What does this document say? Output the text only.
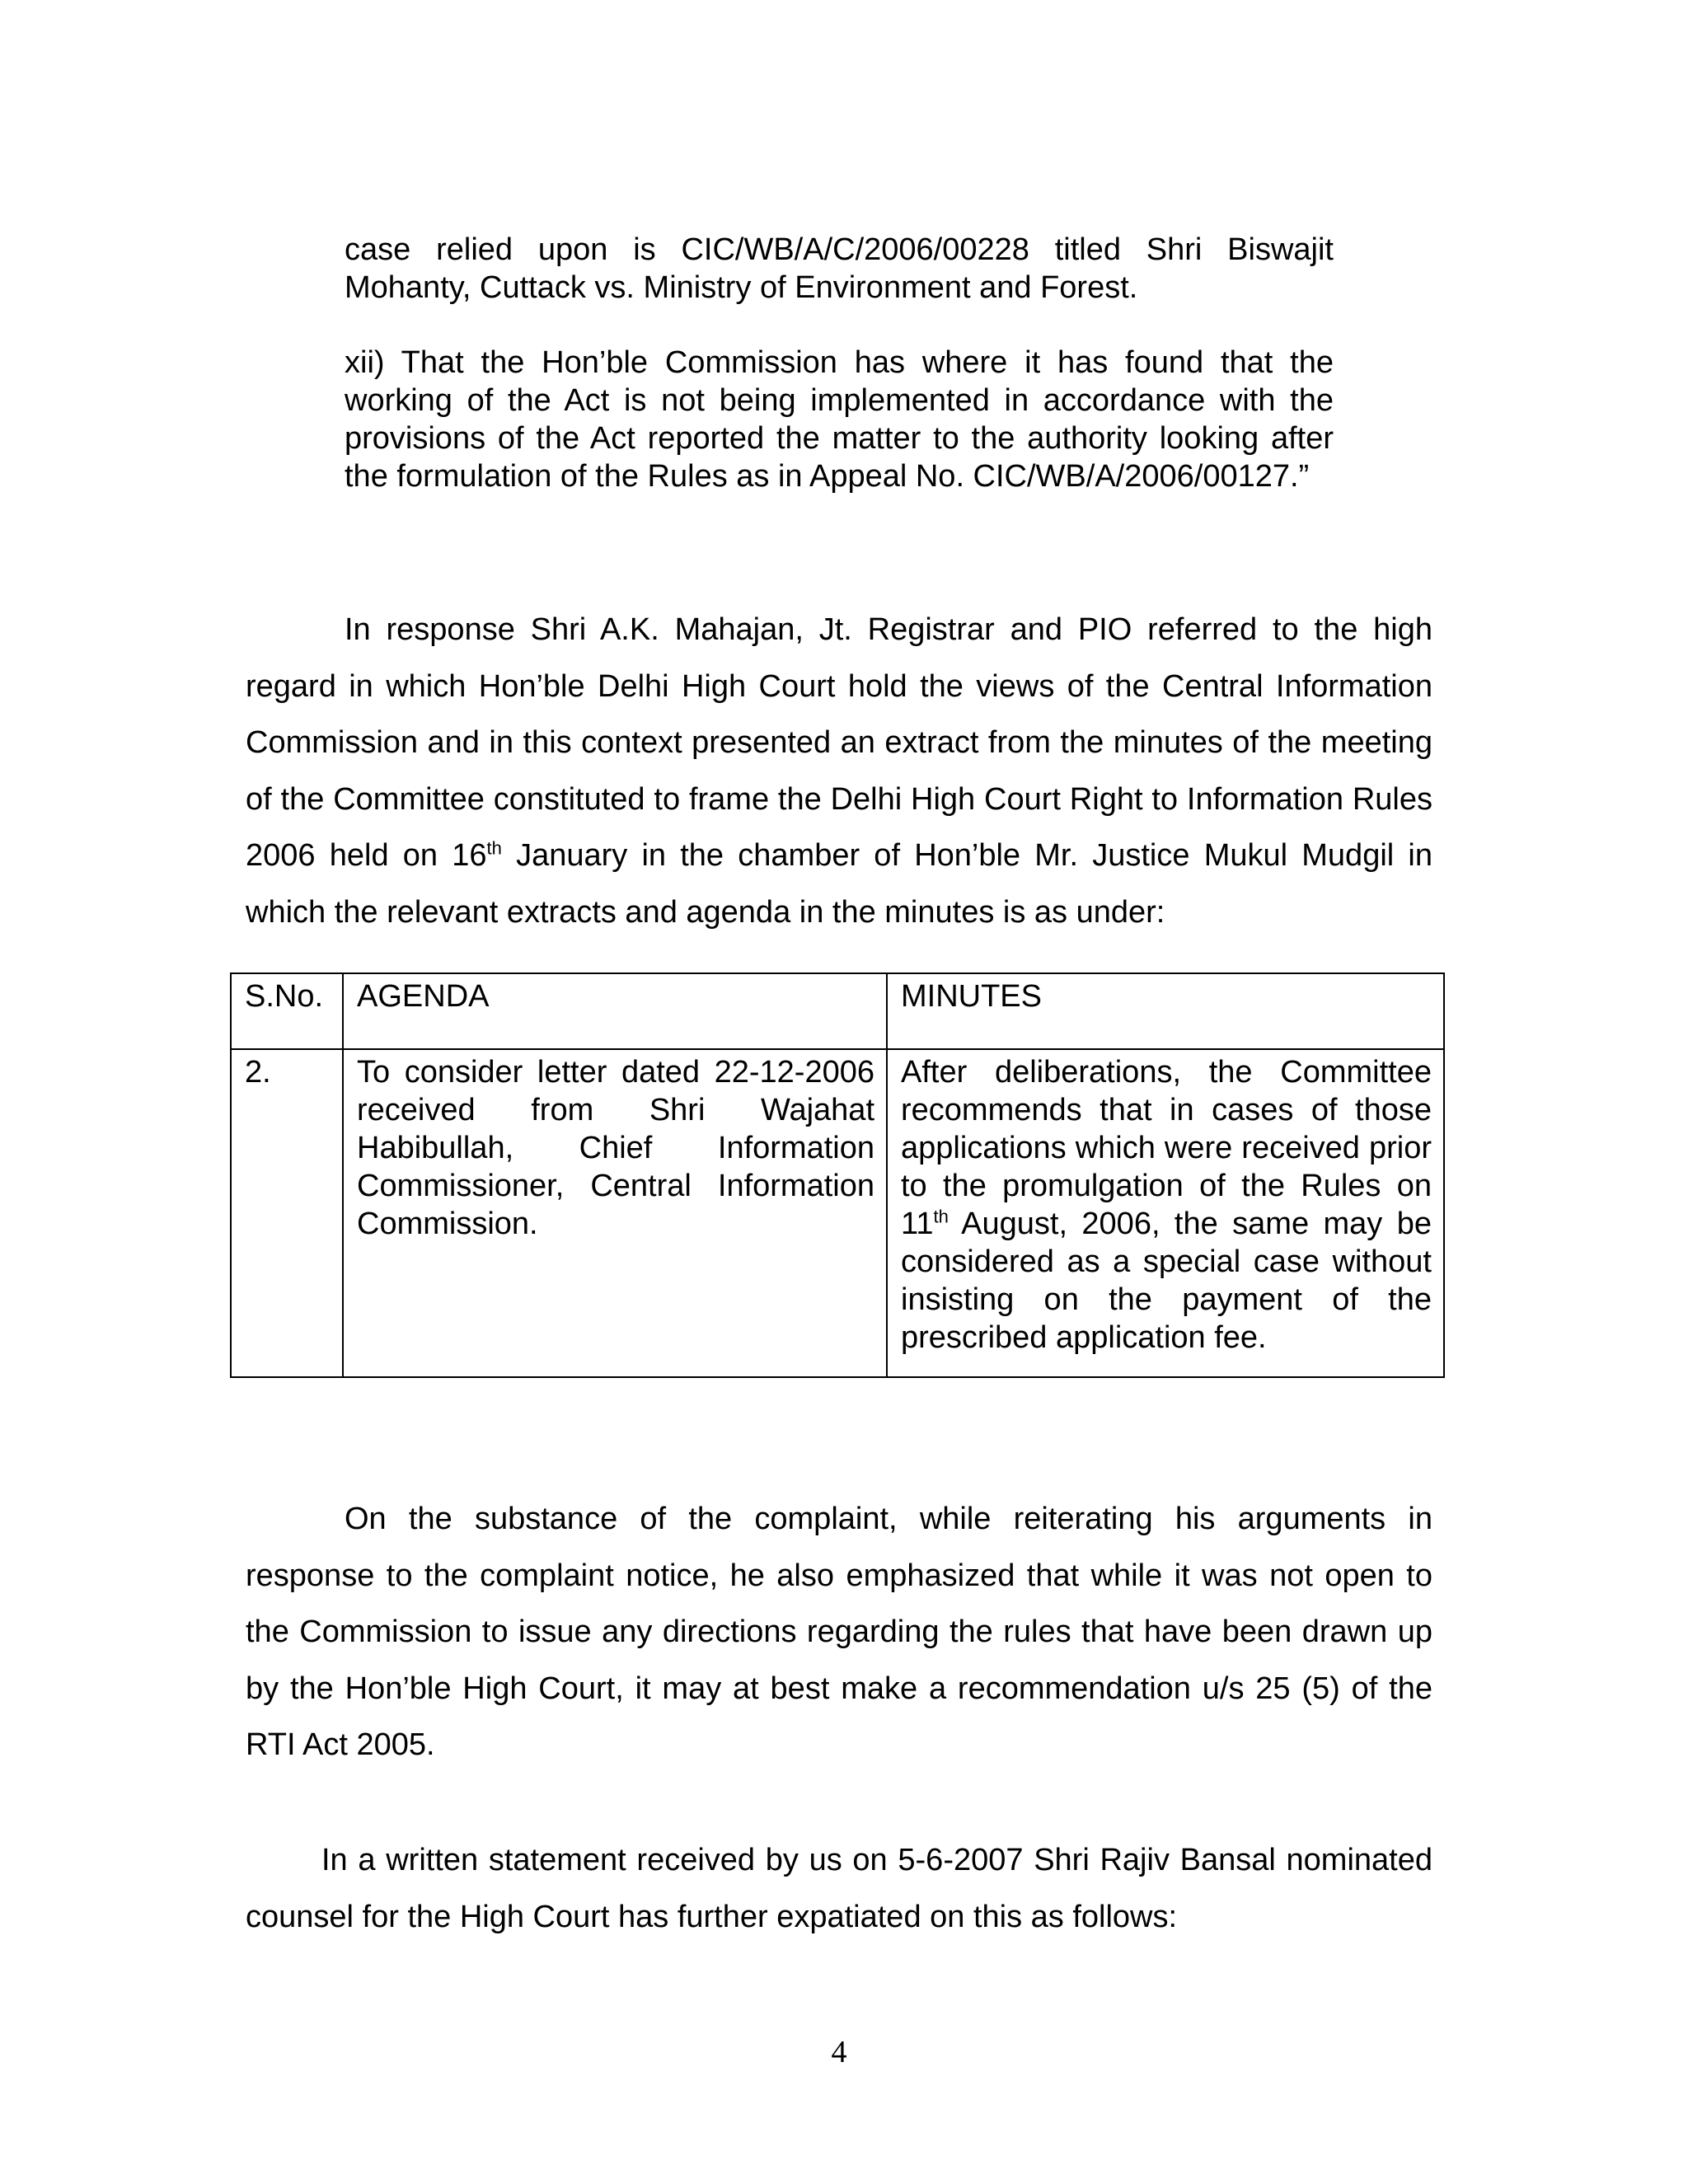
case relied upon is CIC/WB/A/C/2006/00228 titled Shri Biswajit Mohanty, Cuttack vs. Ministry of Environment and Forest.

xii) That the Hon’ble Commission has where it has found that the working of the Act is not being implemented in accordance with the provisions of the Act reported the matter to the authority looking after the formulation of the Rules as in Appeal No. CIC/WB/A/2006/00127.”

In response Shri A.K. Mahajan, Jt. Registrar and PIO referred to the high regard in which Hon’ble Delhi High Court hold the views of the Central Information Commission and in this context presented an extract from the minutes of the meeting of the Committee constituted to frame the Delhi High Court Right to Information Rules 2006 held on 16th January in the chamber of Hon’ble Mr. Justice Mukul Mudgil in which the relevant extracts and agenda in the minutes is as under:

S.No.	AGENDA	MINUTES
2.	To consider letter dated 22-12-2006 received from Shri Wajahat Habibullah, Chief Information Commissioner, Central Information Commission.	After deliberations, the Committee recommends that in cases of those applications which were received prior to the promulgation of the Rules on 11th August, 2006, the same may be considered as a special case without insisting on the payment of the prescribed application fee.

On the substance of the complaint, while reiterating his arguments in response to the complaint notice, he also emphasized that while it was not open to the Commission to issue any directions regarding the rules that have been drawn up by the Hon’ble High Court, it may at best make a recommendation u/s 25 (5) of the RTI Act 2005.

In a written statement received by us on 5-6-2007 Shri Rajiv Bansal nominated counsel for the High Court has further expatiated on this as follows:

4
